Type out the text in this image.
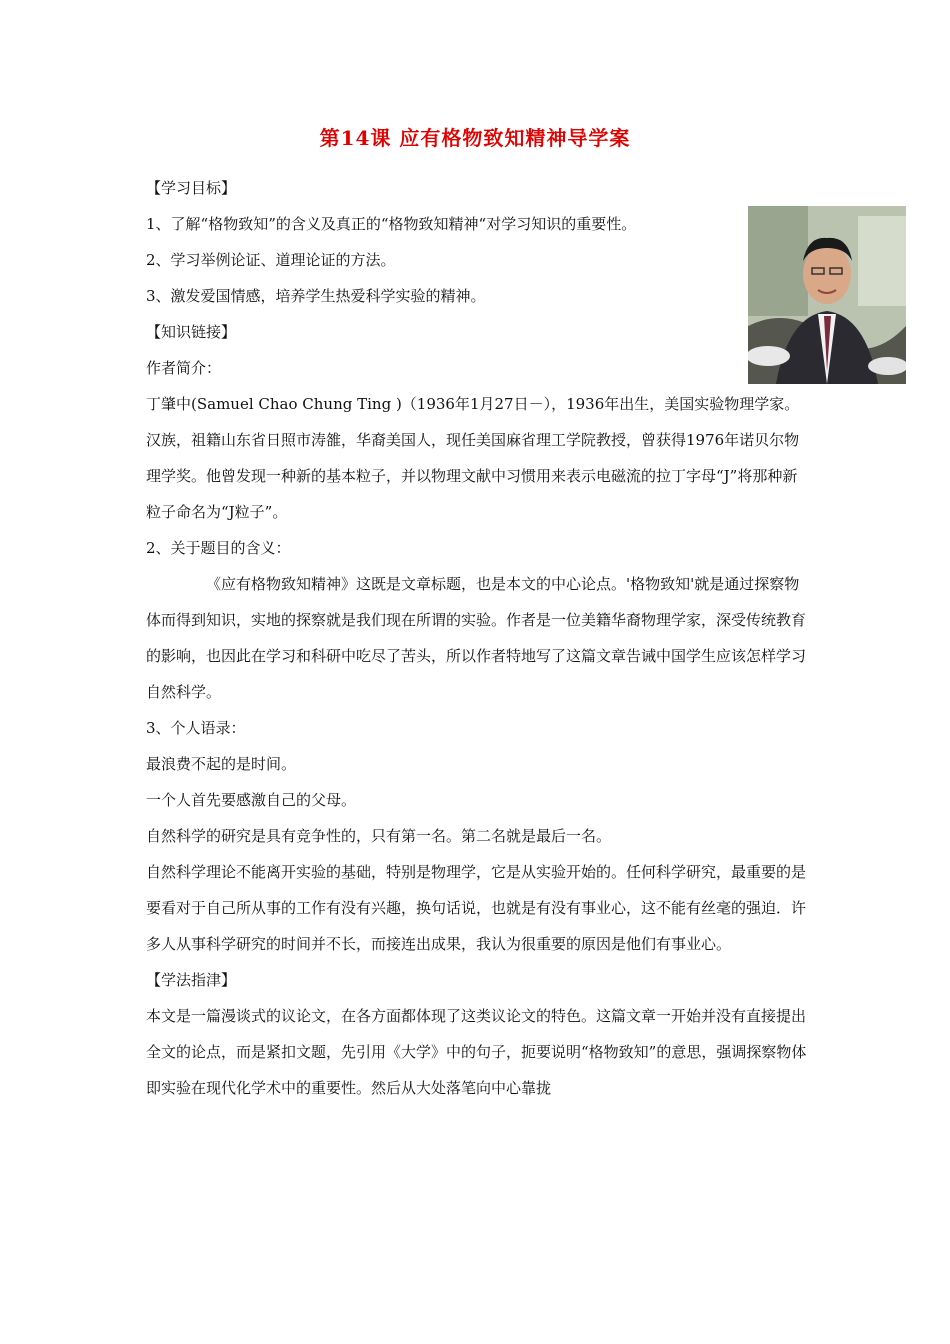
第14课 应有格物致知精神导学案

【学习目标】

1、了解“格物致知”的含义及真正的“格物致知精神“对学习知识的重要性。

2、学习举例论证、道理论证的方法。

3、激发爱国情感，培养学生热爱科学实验的精神。

【知识链接】

作者简介：

丁肇中(Samuel Chao Chung Ting )（1936年1月27日－），1936年出生，美国实验物理学家。汉族，祖籍山东省日照市涛雒，华裔美国人，现任美国麻省理工学院教授，曾获得1976年诺贝尔物理学奖。他曾发现一种新的基本粒子，并以物理文献中习惯用来表示电磁流的拉丁字母“J”将那种新粒子命名为“J粒子”。

2、关于题目的含义：

《应有格物致知精神》这既是文章标题，也是本文的中心论点。'格物致知'就是通过探察物体而得到知识，实地的探察就是我们现在所谓的实验。作者是一位美籍华裔物理学家，深受传统教育的影响，也因此在学习和科研中吃尽了苦头，所以作者特地写了这篇文章告诫中国学生应该怎样学习自然科学。

3、个人语录：

最浪费不起的是时间。

一个人首先要感激自己的父母。

自然科学的研究是具有竞争性的，只有第一名。第二名就是最后一名。

自然科学理论不能离开实验的基础，特别是物理学，它是从实验开始的。任何科学研究，最重要的是要看对于自己所从事的工作有没有兴趣，换句话说，也就是有没有事业心，这不能有丝毫的强迫．许多人从事科学研究的时间并不长，而接连出成果，我认为很重要的原因是他们有事业心。

【学法指津】

本文是一篇漫谈式的议论文，在各方面都体现了这类议论文的特色。这篇文章一开始并没有直接提出全文的论点，而是紧扣文题，先引用《大学》中的句子，扼要说明“格物致知”的意思，强调探察物体即实验在现代化学术中的重要性。然后从大处落笔向中心靠拢
